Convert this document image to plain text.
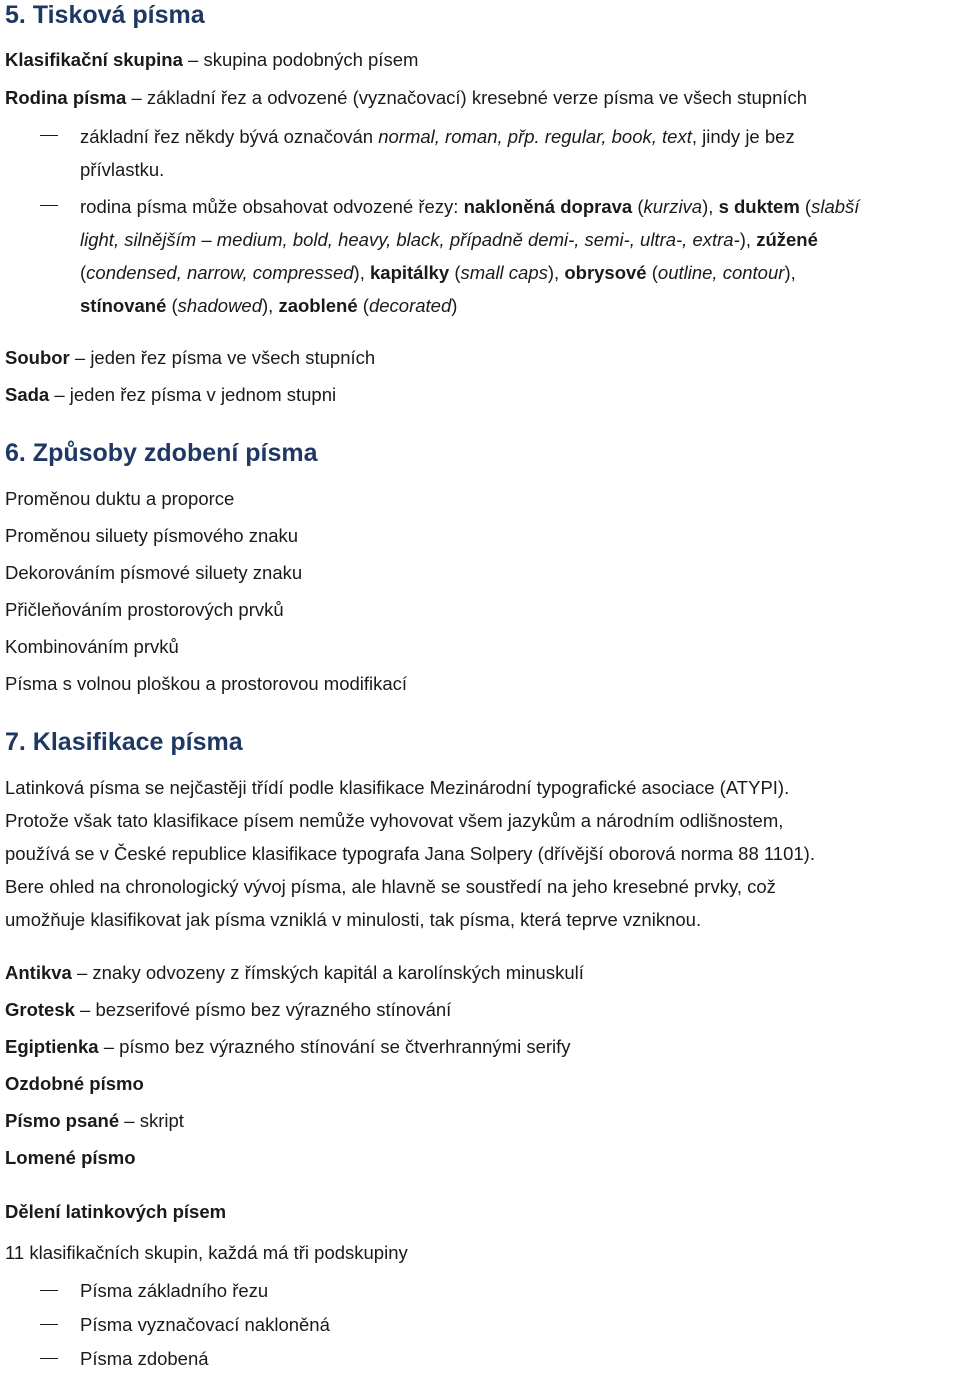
5. Tisková písma
Klasifikační skupina – skupina podobných písem
Rodina písma – základní řez a odvozené (vyznačovací) kresebné verze písma ve všech stupních
základní řez někdy bývá označován normal, roman, přp. regular, book, text, jindy je bez
přívlastku.
rodina písma může obsahovat odvozené řezy: nakloněná doprava (kurziva), s duktem (slabší
light, silnějším – medium, bold, heavy, black, případně demi-, semi-, ultra-, extra-), zúžené
(condensed, narrow, compressed), kapitálky (small caps), obrysové (outline, contour),
stínované (shadowed), zaoblené (decorated)
Soubor – jeden řez písma ve všech stupních
Sada – jeden řez písma v jednom stupni
6. Způsoby zdobení písma
Proměnou duktu a proporce
Proměnou siluety písmového znaku
Dekorováním písmové siluety znaku
Přičleňováním prostorových prvků
Kombinováním prvků
Písma s volnou ploškou a prostorovou modifikací
7. Klasifikace písma
Latinková písma se nejčastěji třídí podle klasifikace Mezinárodní typografické asociace (ATYPI).
Protože však tato klasifikace písem nemůže vyhovovat všem jazykům a národním odlišnostem,
používá se v České republice klasifikace typografa Jana Solpery (dřívější oborová norma 88 1101).
Bere ohled na chronologický vývoj písma, ale hlavně se soustředí na jeho kresebné prvky, což
umožňuje klasifikovat jak písma vzniklá v minulosti, tak písma, která teprve vzniknou.
Antikva – znaky odvozeny z římských kapitál a karolínských minuskulí
Grotesk – bezserifové písmo bez výrazného stínování
Egiptienka – písmo bez výrazného stínování se čtverhrannými serify
Ozdobné písmo
Písmo psané – skript
Lomené písmo
Dělení latinkových písem
11 klasifikačních skupin, každá má tři podskupiny
Písma základního řezu
Písma vyznačovací nakloněná
Písma zdobená
